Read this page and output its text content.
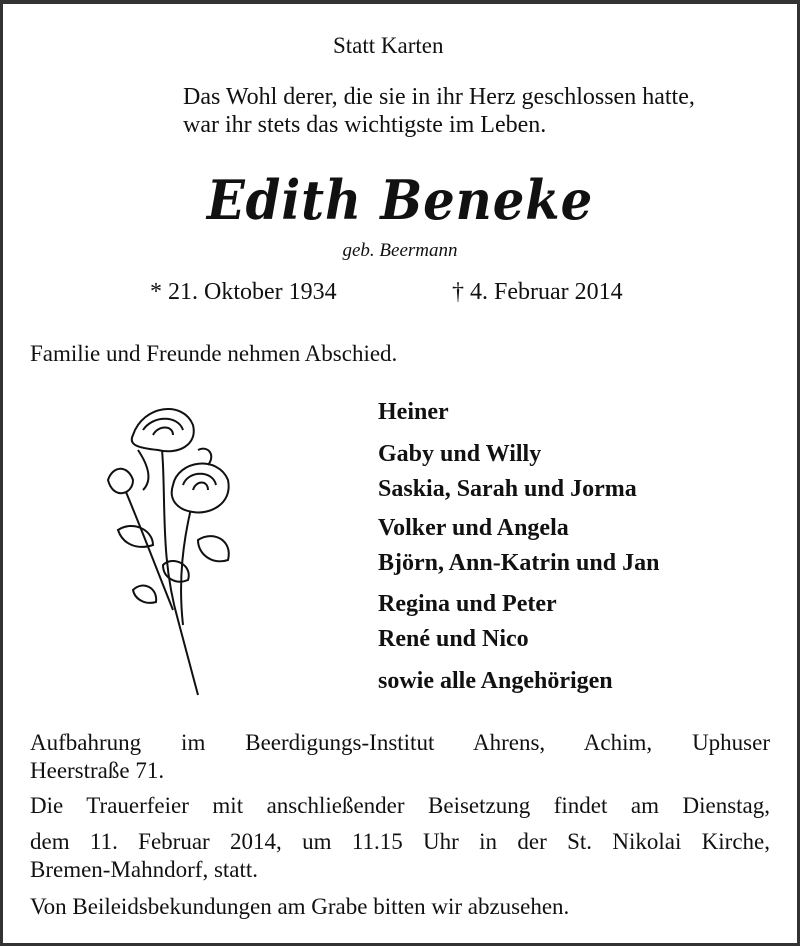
Statt Karten
Das Wohl derer, die sie in ihr Herz geschlossen hatte,
war ihr stets das wichtigste im Leben.
Edith Beneke
geb. Beermann
* 21. Oktober 1934	† 4. Februar 2014
Familie und Freunde nehmen Abschied.
Heiner
Gaby und Willy
Saskia, Sarah und Jorma
Volker und Angela
Björn, Ann-Katrin und Jan
Regina und Peter
René und Nico
sowie alle Angehörigen
Aufbahrung im Beerdigungs-Institut Ahrens, Achim, Uphuser
Heerstraße 71.
Die Trauerfeier mit anschließender Beisetzung findet am Dienstag,
dem 11. Februar 2014, um 11.15 Uhr in der St. Nikolai Kirche,
Bremen-Mahndorf, statt.
Von Beileidsbekundungen am Grabe bitten wir abzusehen.
